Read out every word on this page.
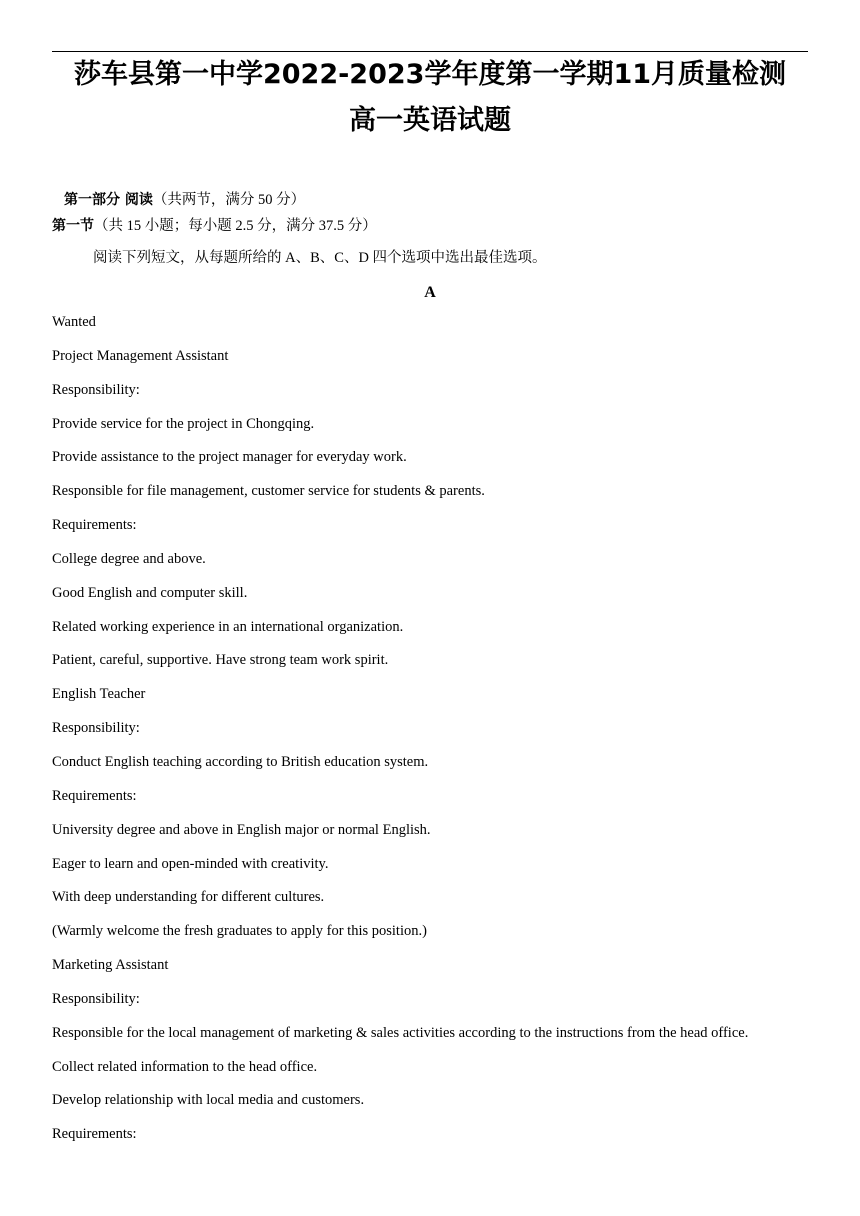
莎车县第一中学2022-2023学年度第一学期11月质量检测
高一英语试题
第一部分 阅读（共两节，满分 50 分）
第一节（共 15 小题；每小题 2.5 分，满分 37.5 分）
阅读下列短文，从每题所给的 A、B、C、D 四个选项中选出最佳选项。
A
Wanted
Project Management Assistant
Responsibility:
Provide service for the project in Chongqing.
Provide assistance to the project manager for everyday work.
Responsible for file management, customer service for students & parents.
Requirements:
College degree and above.
Good English and computer skill.
Related working experience in an international organization.
Patient, careful, supportive. Have strong team work spirit.
English Teacher
Responsibility:
Conduct English teaching according to British education system.
Requirements:
University degree and above in English major or normal English.
Eager to learn and open-minded with creativity.
With deep understanding for different cultures.
(Warmly welcome the fresh graduates to apply for this position.)
Marketing Assistant
Responsibility:
Responsible for the local management of marketing & sales activities according to the instructions from the head office.
Collect related information to the head office.
Develop relationship with local media and customers.
Requirements:
